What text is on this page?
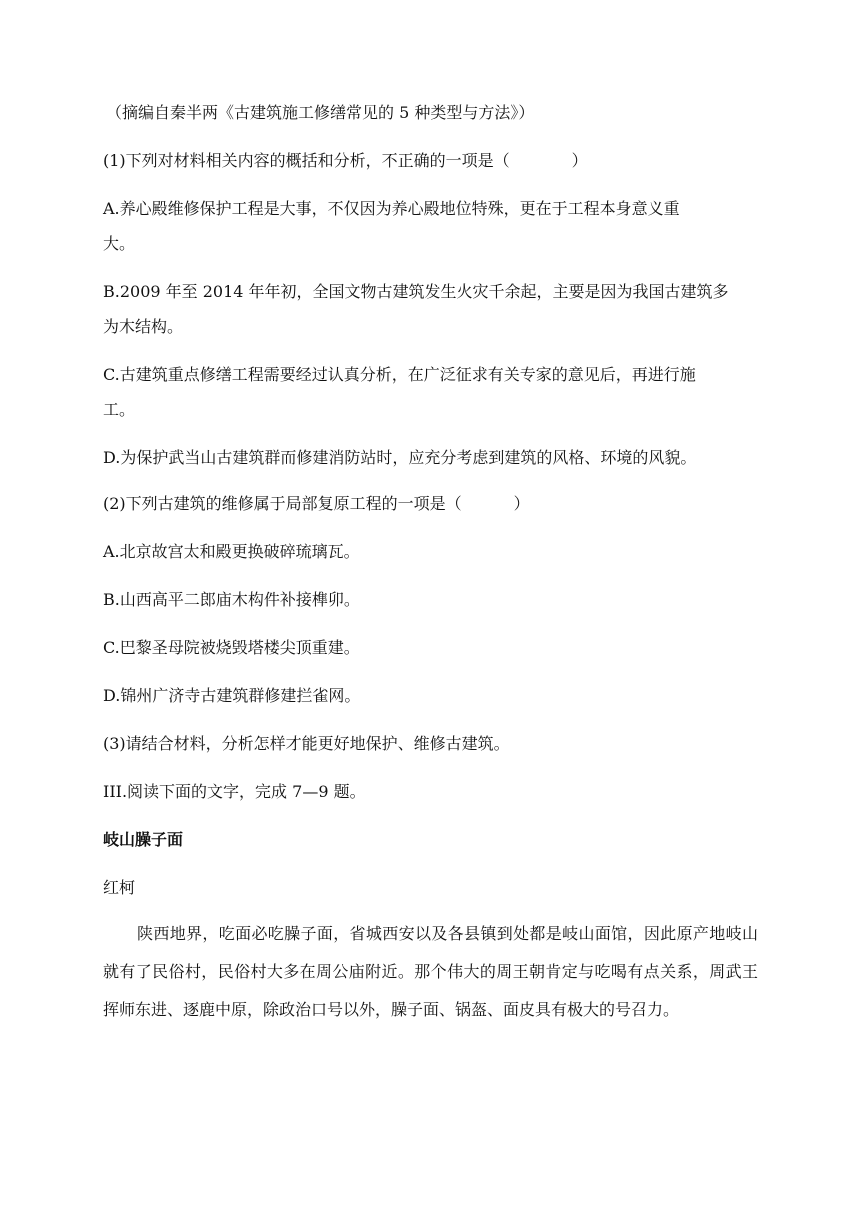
（摘编自秦半两《古建筑施工修缮常见的 5 种类型与方法》）

(1)下列对材料相关内容的概括和分析，不正确的一项是（	）

A.养心殿维修保护工程是大事，不仅因为养心殿地位特殊，更在于工程本身意义重

大。

B.2009 年至 2014 年年初，全国文物古建筑发生火灾千余起，主要是因为我国古建筑多

为木结构。

C.古建筑重点修缮工程需要经过认真分析，在广泛征求有关专家的意见后，再进行施

工。

D.为保护武当山古建筑群而修建消防站时，应充分考虑到建筑的风格、环境的风貌。

(2)下列古建筑的维修属于局部复原工程的一项是（	）

A.北京故宫太和殿更换破碎琉璃瓦。

B.山西高平二郎庙木构件补接榫卯。

C.巴黎圣母院被烧毁塔楼尖顶重建。

D.锦州广济寺古建筑群修建拦雀网。

(3)请结合材料，分析怎样才能更好地保护、维修古建筑。

III.阅读下面的文字，完成 7—9 题。

岐山臊子面

红柯

陕西地界，吃面必吃臊子面，省城西安以及各县镇到处都是岐山面馆，因此原产地岐山就有了民俗村，民俗村大多在周公庙附近。那个伟大的周王朝肯定与吃喝有点关系，周武王挥师东进、逐鹿中原，除政治口号以外，臊子面、锅盔、面皮具有极大的号召力。
